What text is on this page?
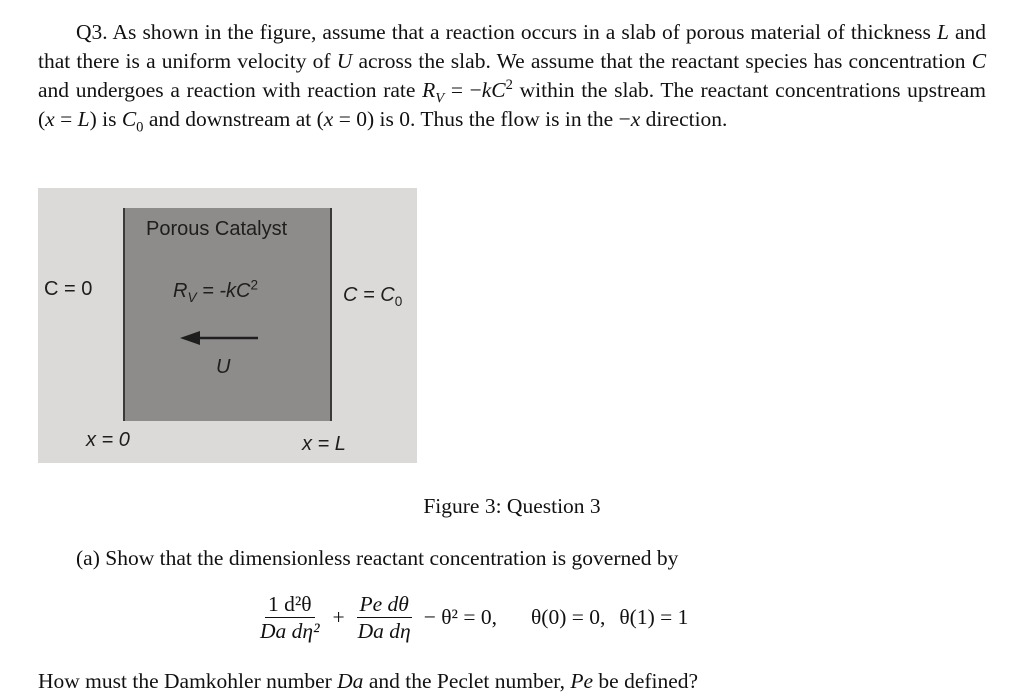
Q3. As shown in the figure, assume that a reaction occurs in a slab of porous material of thickness L and that there is a uniform velocity of U across the slab. We assume that the reactant species has concentration C and undergoes a reaction with reaction rate $R_V = -kC^2$ within the slab. The reactant concentrations upstream (x = L) is $C_0$ and downstream at (x = 0) is 0. Thus the flow is in the −x direction.
Porous Catalyst
C = 0	$R_V = -kC^2$	$C = C_0$
U
x = 0	x = L
Figure 3: Question 3
(a) Show that the dimensionless reactant concentration is governed by
$\frac{\text{1 d²θ}}{\text{Da dη²}} + \frac{\text{Pe dθ}}{\text{Da dη}} - \theta^2 = 0$, θ(0) = 0, θ(1) = 1
How must the Damkohler number Da and the Peclet number, Pe be defined?
